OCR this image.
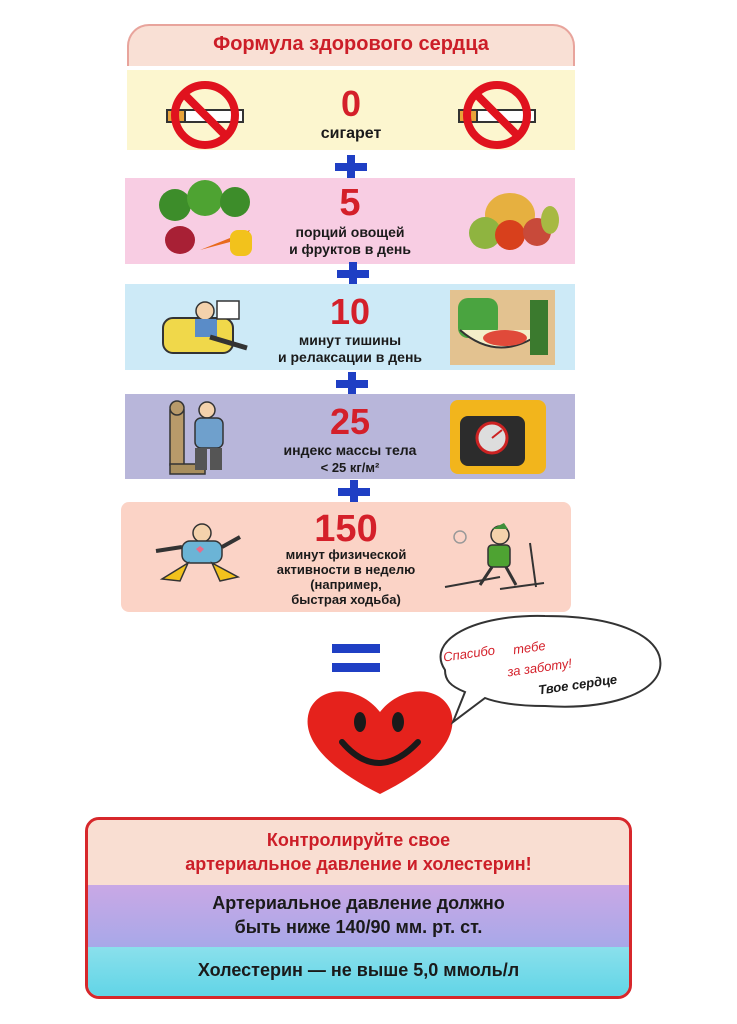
Формула здорового сердца
0
сигарет
5
порций овощей
и фруктов в день
10
минут тишины
и релаксации в день
25
индекс массы тела
< 25 кг/м²
150
минут физической
активности в неделю
(например,
быстрая ходьба)
Спасибо тебе
за заботу!
Твое сердце
Контролируйте свое
артериальное давление и холестерин!
Артериальное давление должно
быть ниже 140/90 мм. рт. ст.
Холестерин — не выше 5,0 ммоль/л
